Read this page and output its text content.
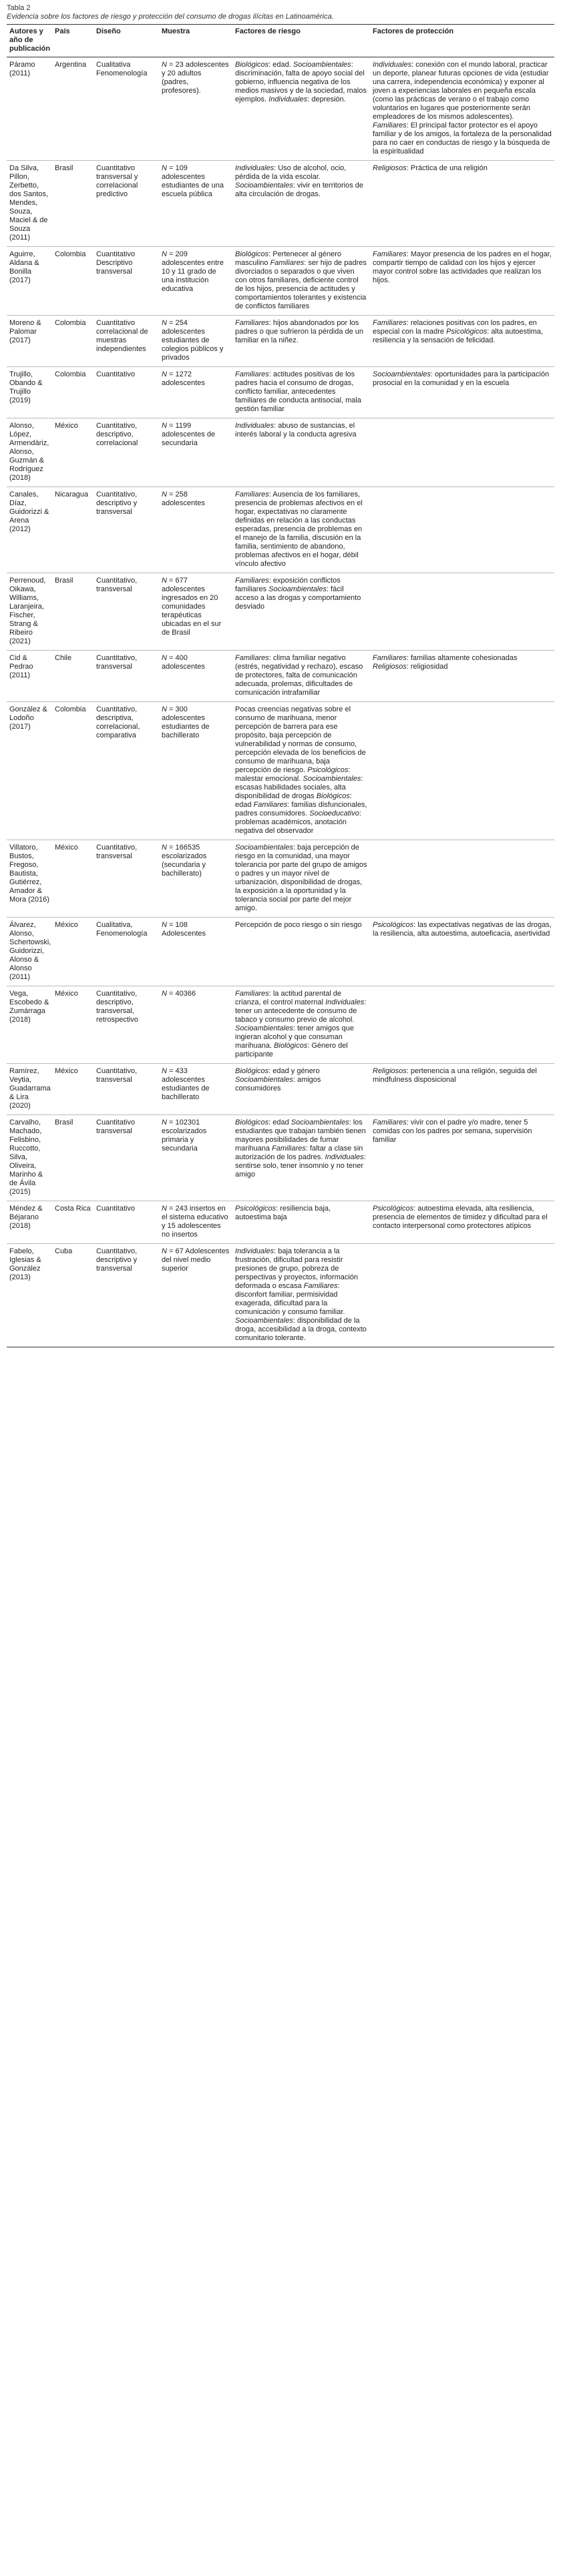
Tabla 2
Evidencia sobre los factores de riesgo y protección del consumo de drogas ilícitas en Latinoamérica.
Autores y año de publicación	País	Diseño	Muestra	Factores de riesgo	Factores de protección
Páramo (2011)	Argentina	Cualitativa Fenomenología	N = 23 adolescentes y 20 adultos (padres, profesores).	Biológicos: edad. Socioambientales: discriminación, falta de apoyo social del gobierno, influencia negativa de los medios masivos y de la sociedad, malos ejemplos. Individuales: depresión.	Individuales: conexión con el mundo laboral, practicar un deporte, planear futuras opciones de vida (estudiar una carrera, independencia económica) y exponer al joven a experiencias laborales en pequeña escala (como las prácticas de verano o el trabajo como voluntarios en lugares que posteriormente serán empleadores de los mismos adolescentes). Familiares: El principal factor protector es el apoyo familiar y de los amigos, la fortaleza de la personalidad para no caer en conductas de riesgo y la búsqueda de la espiritualidad
Da Silva, Pillon, Zerbetto, dos Santos, Mendes, Souza, Maciel & de Souza (2011)	Brasil	Cuantitativo transversal y correlacional predictivo	N = 109 adolescentes estudiantes de una escuela pública	Individuales: Uso de alcohol, ocio, pérdida de la vida escolar. Socioambientales: vivir en territorios de alta circulación de drogas.	Religiosos: Práctica de una religión
Aguirre, Aldana & Bonilla (2017)	Colombia	Cuantitativo Descriptivo transversal	N = 209 adolescentes entre 10 y 11 grado de una institución educativa	Biológicos: Pertenecer al género masculino Familiares: ser hijo de padres divorciados o separados o que viven con otros familiares, deficiente control de los hijos, presencia de actitudes y comportamientos tolerantes y existencia de conflictos familiares	Familiares: Mayor presencia de los padres en el hogar, compartir tiempo de calidad con los hijos y ejercer mayor control sobre las actividades que realizan los hijos.
Moreno & Palomar (2017)	Colombia	Cuantitativo correlacional de muestras independientes	N = 254 adolescentes estudiantes de colegios públicos y privados	Familiares: hijos abandonados por los padres o que sufrieron la pérdida de un familiar en la niñez.	Familiares: relaciones positivas con los padres, en especial con la madre Psicológicos: alta autoestima, resiliencia y la sensación de felicidad.
Trujillo, Obando & Trujillo (2019)	Colombia	Cuantitativo	N = 1272 adolescentes	Familiares: actitudes positivas de los padres hacia el consumo de drogas, conflicto familiar, antecedentes familiares de conducta antisocial, mala gestión familiar	Socioambientales: oportunidades para la participación prosocial en la comunidad y en la escuela
Alonso, López, Armendáriz, Alonso, Guzmán & Rodríguez (2018)	México	Cuantitativo, descriptivo, correlacional	N = 1199 adolescentes de secundaria	Individuales: abuso de sustancias, el interés laboral y la conducta agresiva	
Canales, Díaz, Guidorizzi & Arena (2012)	Nicaragua	Cuantitativo, descriptivo y transversal	N = 258 adolescentes	Familiares: Ausencia de los familiares, presencia de problemas afectivos en el hogar, expectativas no claramente definidas en relación a las conductas esperadas, presencia de problemas en el manejo de la familia, discusión en la familia, sentimiento de abandono, problemas afectivos en el hogar, débil vínculo afectivo	
Perrenoud, Oikawa, Williams, Laranjeira, Fischer, Strang & Ribeiro (2021)	Brasil	Cuantitativo, transversal	N = 677 adolescentes ingresados en 20 comunidades terapéuticas ubicadas en el sur de Brasil	Familiares: exposición conflictos familiares Socioambientales: fácil acceso a las drogas y comportamiento desviado	
Cid & Pedrao (2011)	Chile	Cuantitativo, transversal	N = 400 adolescentes	Familiares: clima familiar negativo (estrés, negatividad y rechazo), escaso de protectores, falta de comunicación adecuada, prolemas, dificultades de comunicación intrafamiliar	Familiares: familias altamente cohesionadas Religiosos: religiosidad
González & Lodoño (2017)	Colombia	Cuantitativo, descriptiva, correlacional, comparativa	N = 300 adolescentes estudiantes de bachillerato	Pocas creencias negativas sobre el consumo de marihuana, menor percepción de barrera para ese propósito, baja percepción de vulnerabilidad y normas de consumo, percepción elevada de los beneficios de consumo de marihuana, baja percepción de riesgo. Psicológicos: malestar emocional. Socioambientales: escasas habilidades sociales, alta disponibilidad de drogas Biológicos: edad Familiares: familias disfuncionales, padres consumidores. Socioeducativo: problemas académicos, anotación negativa del observador	
Villatoro, Bustos, Fregoso, Bautista, Gutiérrez, Amador & Mora (2016)	México	Cuantitativo, transversal	N = 166535 escolarizados (secundaria y bachillerato)	Socioambientales: baja percepción de riesgo en la comunidad, una mayor tolerancia por parte del grupo de amigos o padres y un mayor nivel de urbanización, disponibilidad de drogas, la exposición a la oportunidad y la tolerancia social por parte del mejor amigo.	
Álvarez, Alonso, Schertowski, Guidorizzi, Alonso & Alonso (2011)	México	Cualitativa, Fenomenología	N = 108 Adolescentes	Percepción de poco riesgo o sin riesgo	Psicológicos: las expectativas negativas de las drogas, la resiliencia, alta autoestima, autoeficacia, asertividad
Vega, Escobedo & Zumárraga (2018)	México	Cuantitativo, descriptivo, transversal, retrospectivo	N = 40366	Familiares: la actitud parental de crianza, el control maternal Individuales: tener un antecedente de consumo de tabaco y consumo previo de alcohol. Socioambientales: tener amigos que ingieran alcohol y que consuman marihuana. Biológicos: Género del participante	
Ramírez, Veytia, Guadarrama & Lira (2020)	México	Cuantitativo, transversal	N = 433 adolescentes estudiantes de bachillerato	Biológicos: edad y género Socioambientales: amigos consumidores	Religiosos: pertenencia a una religión, seguida del mindfulness disposicional
Carvalho, Machado, Felisbino, Ruccotto, Silva, Oliveira, Marinho & de Ávila (2015)	Brasil	Cuantitativo transversal	N = 102301 escolarizados primaria y secundaria	Biológicos: edad Socioambientales: los estudiantes que trabajan también tienen mayores posibilidades de fumar marihuana Familiares: faltar a clase sin autorización de los padres. Individuales: sentirse solo, tener insomnio y no tener amigo	Familiares: vivir con el padre y/o madre, tener 5 comidas con los padres por semana, supervisión familiar
Méndez & Béjarano (2018)	Costa Rica	Cuantitativo	N = 243 insertos en el sistema educativo y 15 adolescentes no insertos	Psicológicos: resiliencia baja, autoestima baja	Psicológicos: autoestima elevada, alta resiliencia, presencia de elementos de timidez y dificultad para el contacto interpersonal como protectores atípicos
Fabelo, Iglesias & González (2013)	Cuba	Cuantitativo, descriptivo y transversal	N = 67 Adolescentes del nivel medio superior	Individuales: baja tolerancia a la frustración, dificultad para resistir presiones de grupo, pobreza de perspectivas y proyectos, información deformada o escasa Familiares: disconfort familiar, permisividad exagerada, dificultad para la comunicación y consumo familiar. Socioambientales: disponibilidad de la droga, accesibilidad a la droga, contexto comunitario tolerante.	
